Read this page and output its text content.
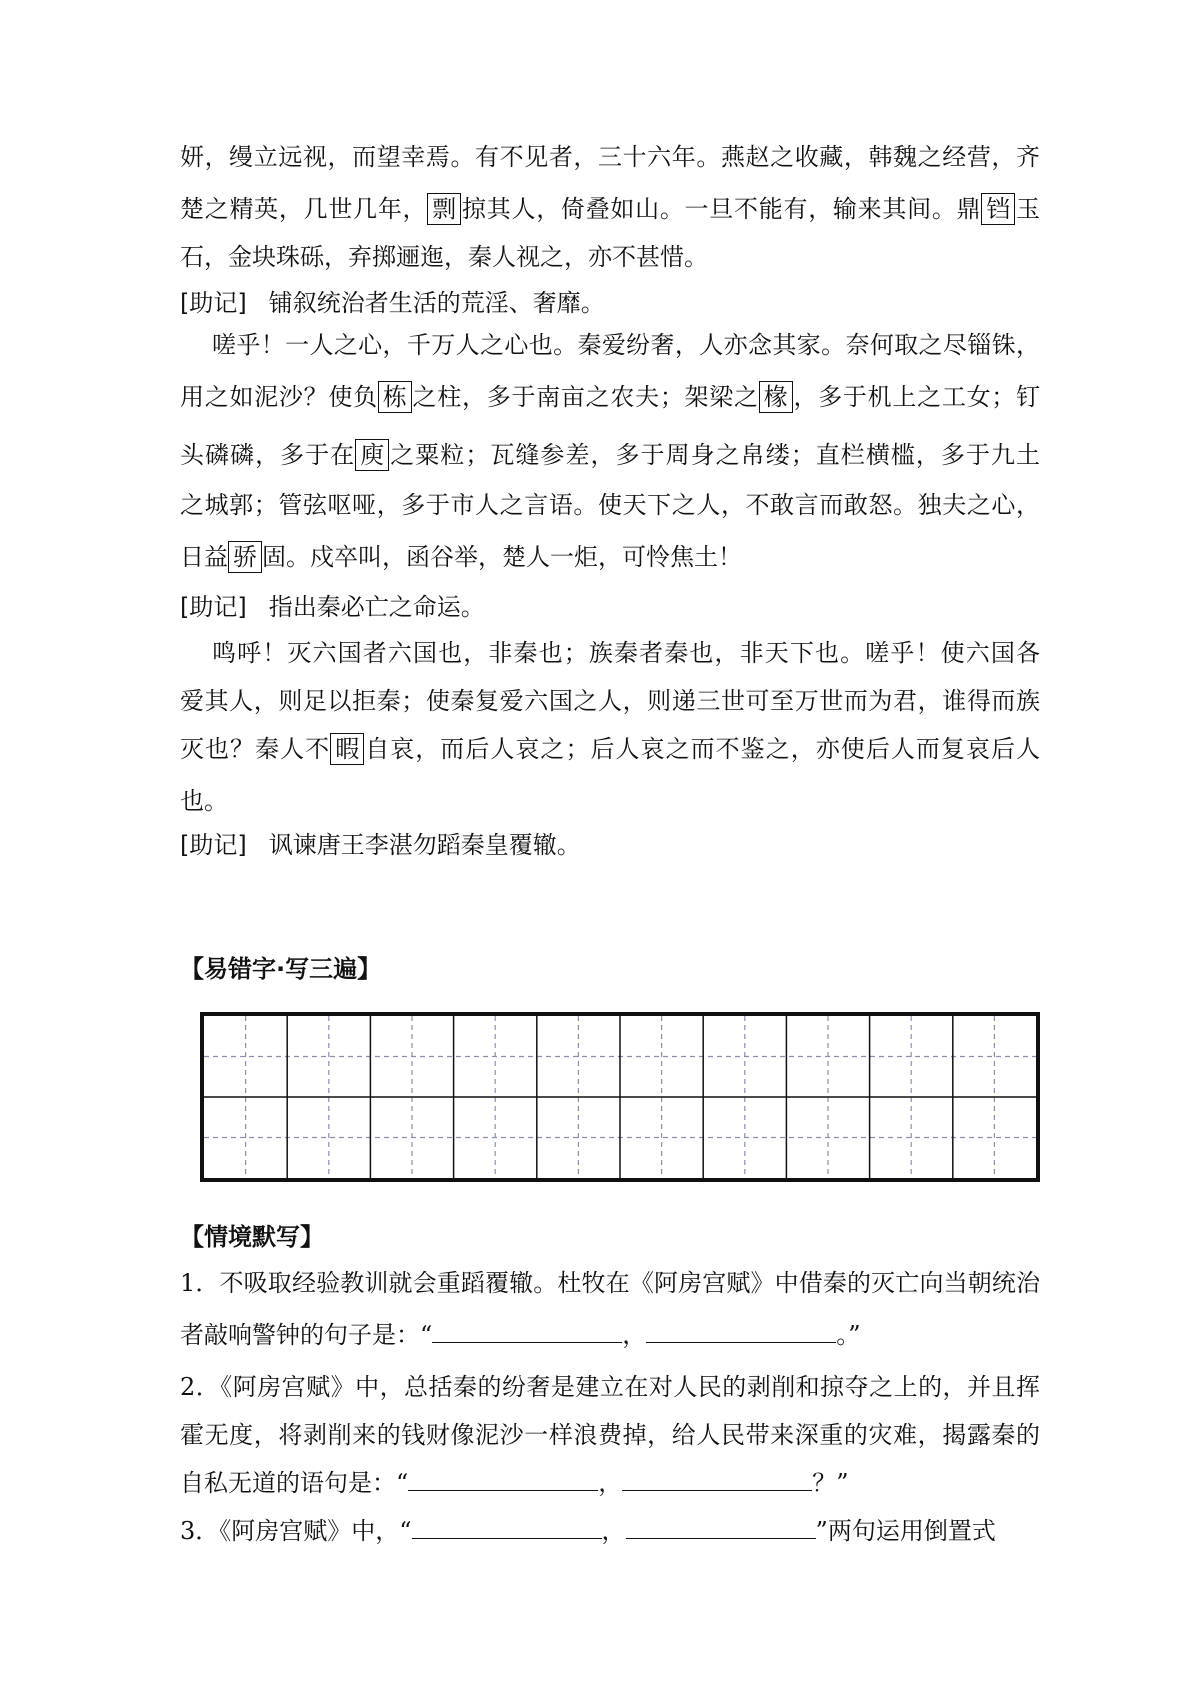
妍，缦立远视，而望幸焉。有不见者，三十六年。燕赵之收藏，韩魏之经营，齐
楚之精英，几世几年， 剽 掠其人，倚叠如山。一旦不能有，输来其间。鼎 铛 玉
石，金块珠砾，弃掷逦迤，秦人视之，亦不甚惜。
[助记] 铺叙统治者生活的荒淫、奢靡。
嗟乎！一人之心，千万人之心也。秦爱纷奢，人亦念其家。奈何取之尽锱铢，
用之如泥沙？使负 栋 之柱，多于南亩之农夫；架梁之 椽 ，多于机上之工女；钉
头磷磷，多于在 庾 之粟粒；瓦缝参差，多于周身之帛缕；直栏横槛，多于九土
之城郭；管弦呕哑，多于市人之言语。使天下之人，不敢言而敢怒。独夫之心，
日益 骄 固。戍卒叫，函谷举，楚人一炬，可怜焦土！
[助记] 指出秦必亡之命运。
鸣呼！灭六国者六国也，非秦也；族秦者秦也，非天下也。嗟乎！使六国各
爱其人，则足以拒秦；使秦复爱六国之人，则递三世可至万世而为君，谁得而族
灭也？秦人不 暇 自哀，而后人哀之；后人哀之而不鉴之，亦使后人而复哀后人
也。
[助记] 讽谏唐王李湛勿蹈秦皇覆辙。
【易错字·写三遍】
【情境默写】
1．不吸取经验教训就会重蹈覆辙。杜牧在《阿房宫赋》中借秦的灭亡向当朝统治
者敲响警钟的句子是：“	，	。”
2．《阿房宫赋》中，总括秦的纷奢是建立在对人民的剥削和掠夺之上的，并且挥
霍无度，将剥削来的钱财像泥沙一样浪费掉，给人民带来深重的灾难，揭露秦的
自私无道的语句是：“	，	？”
3．《阿房宫赋》中，“	，	”两句运用倒置式
